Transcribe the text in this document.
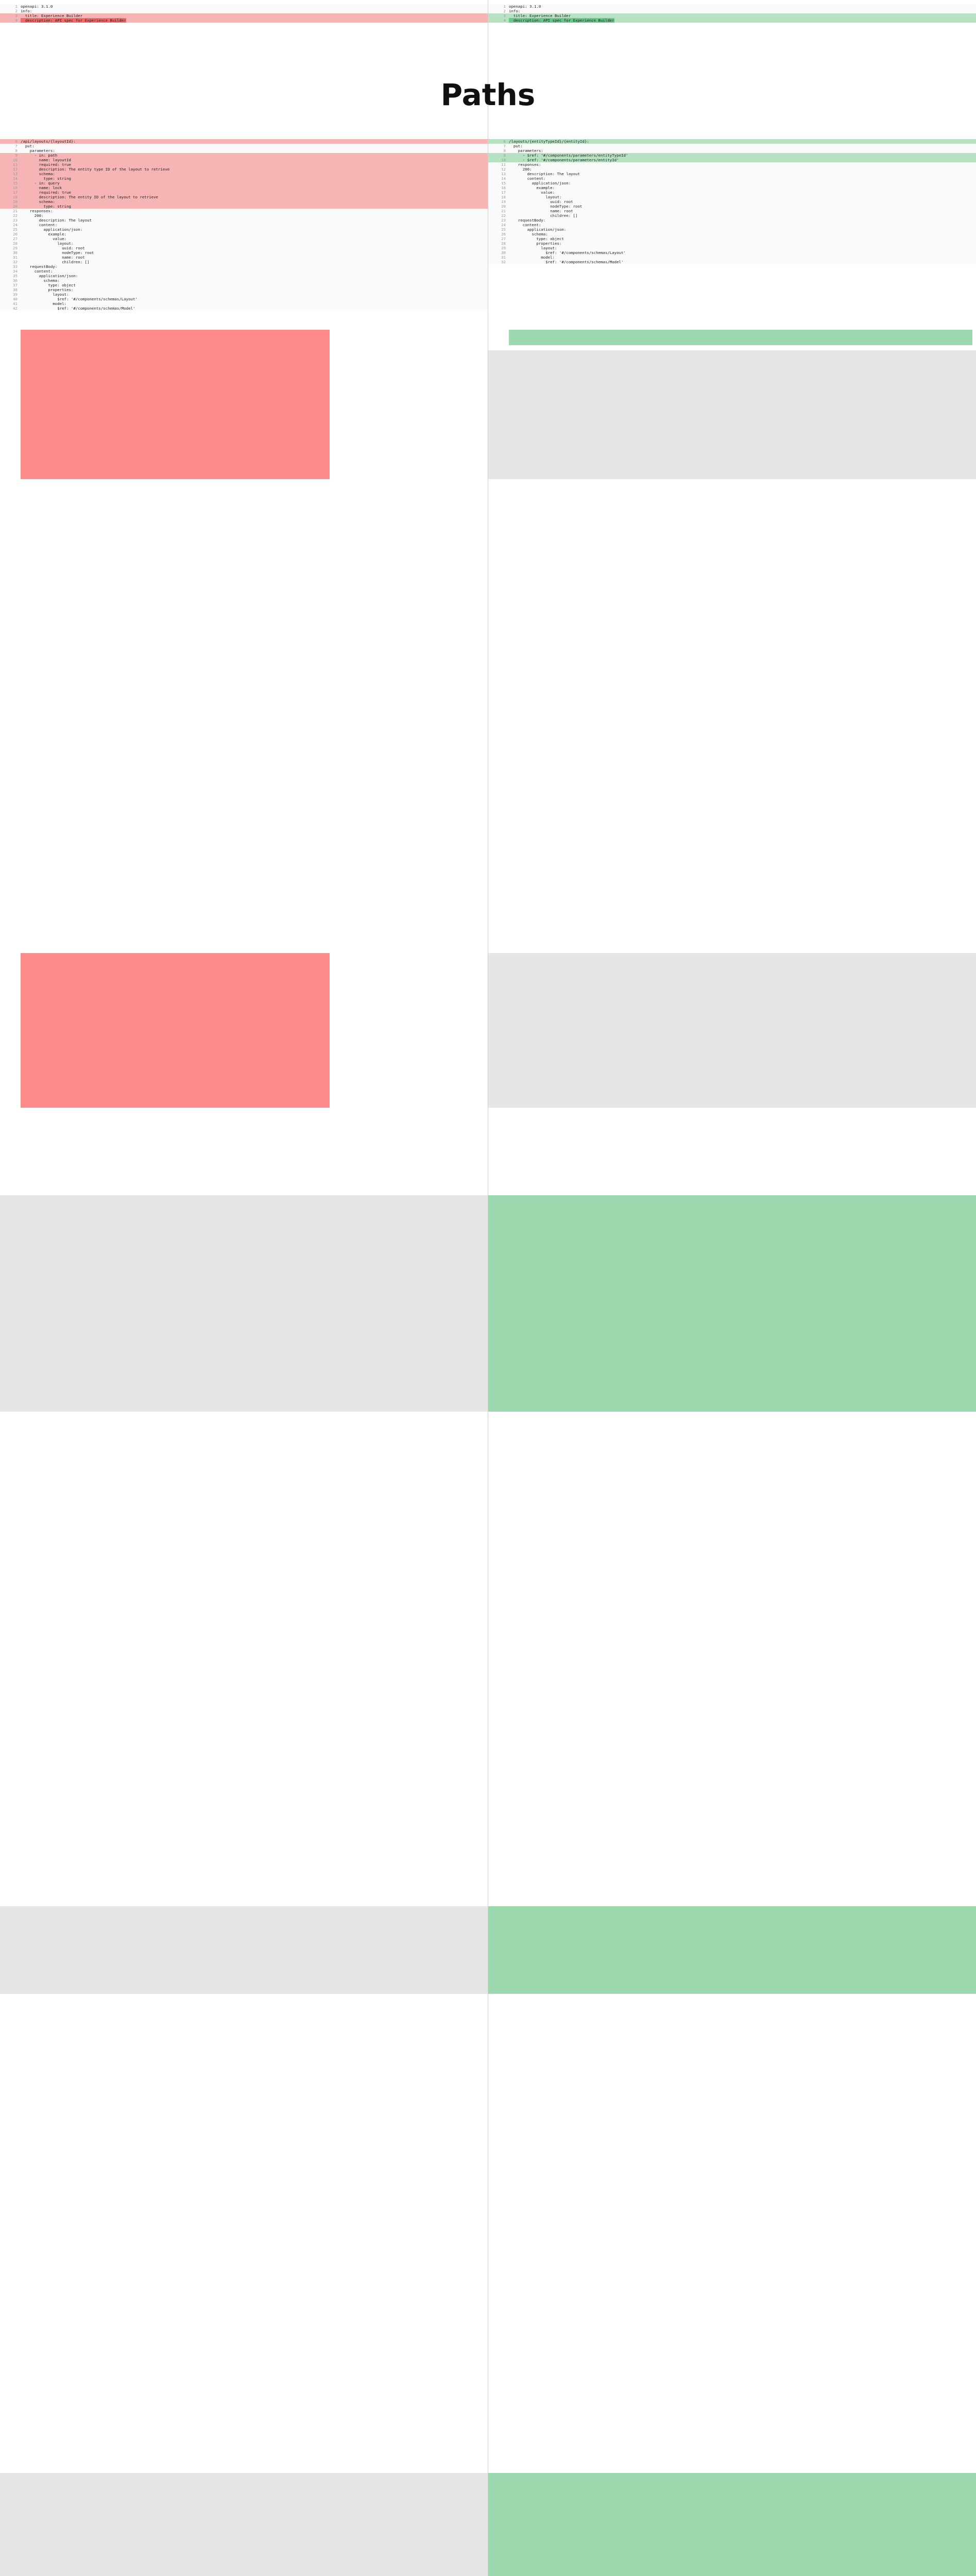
1 openapi: 3.1.0
2 info:
3  title: Experience Builder
4  description: API spec for Experience Builder
1 openapi: 3.1.0
2 info:
3  title: Experience Builder
4  description: API spec for Experience Builder
Paths
6 /api/layouts/{layoutId}:
7  put:
8    parameters:
9      - in: path
10        name: layoutId
11        required: true
12        description: The entity type ID of the layout to retrieve
13        schema:
14          type: string
15      - in: query
16        name: lock
17        required: true
18        description: The entity ID of the layout to retrieve
19        schema:
20          type: string
21    responses:
22      200:
23        description: The layout
24        content:
25          application/json:
26            example:
27              value:
28                layout:
29                  uuid: root
30                  nodeType: root
31                  name: root
32                  children: []
33    requestBody:
34      content:
35        application/json:
36          schema:
37            type: object
38            properties:
39              layout:
40                $ref: '#/components/schemas/Layout'
41              model:
42                $ref: '#/components/schemas/Model'
6 /layouts/{entityTypeId}/{entityId}:
7  put:
8    parameters:
9      - $ref: '#/components/parameters/entityTypeId'
10      - $ref: '#/components/parameters/entityId'
11    responses:
12      200:
13        description: The layout
14        content:
15          application/json:
16            example:
17              value:
18                layout:
19                  uuid: root
20                  nodeType: root
21                  name: root
22                  children: []
23    requestBody:
24      content:
25        application/json:
26          schema:
27            type: object
28            properties:
29              layout:
30                $ref: '#/components/schemas/Layout'
31              model:
32                $ref: '#/components/schemas/Model'
